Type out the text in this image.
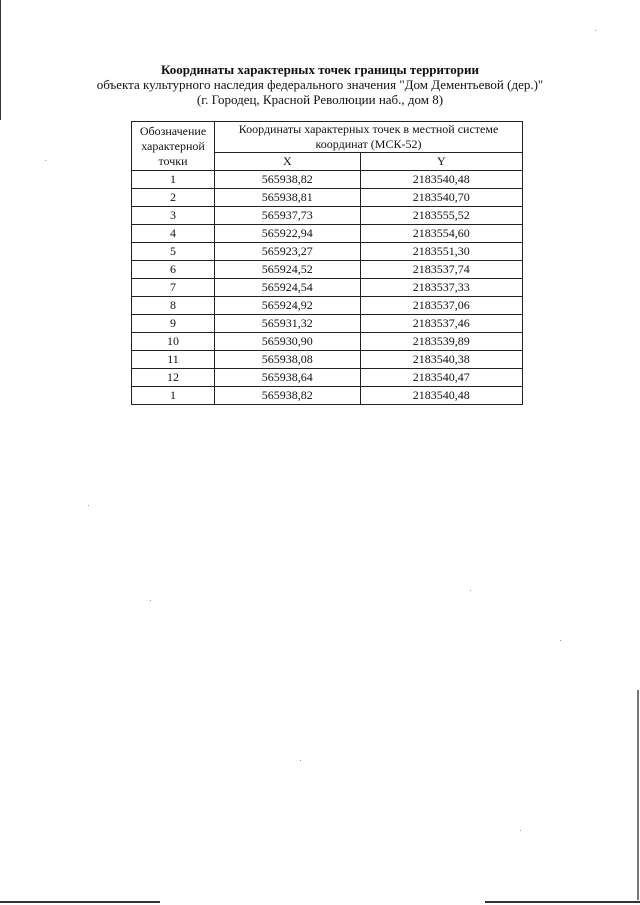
Координаты характерных точек границы территории
объекта культурного наследия федерального значения "Дом Дементьевой (дер.)"
(г. Городец, Красной Революции наб., дом 8)
Обозначение характерной точки	Координаты характерных точек в местной системе координат (МСК-52)	
	X	Y
1	565938,82	2183540,48
2	565938,81	2183540,70
3	565937,73	2183555,52
4	565922,94	2183554,60
5	565923,27	2183551,30
6	565924,52	2183537,74
7	565924,54	2183537,33
8	565924,92	2183537,06
9	565931,32	2183537,46
10	565930,90	2183539,89
11	565938,08	2183540,38
12	565938,64	2183540,47
1	565938,82	2183540,48
